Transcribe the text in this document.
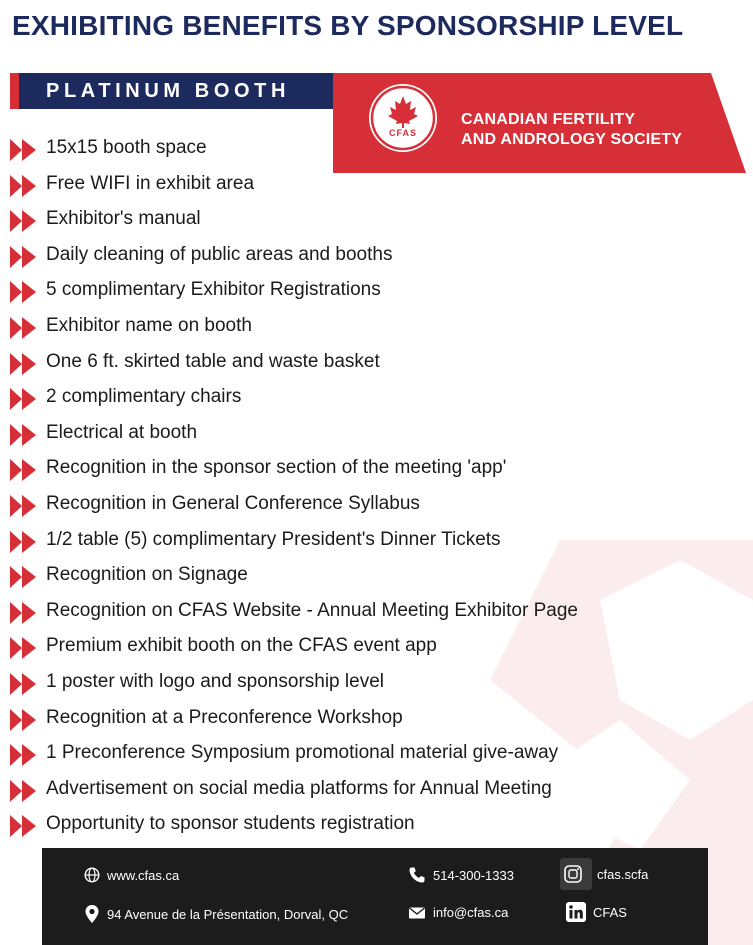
EXHIBITING BENEFITS BY SPONSORSHIP LEVEL
PLATINUM BOOTH
CFAS
CANADIAN FERTILITY
AND ANDROLOGY SOCIETY
15x15 booth space
Free WIFI in exhibit area
Exhibitor's manual
Daily cleaning of public areas and booths
5 complimentary Exhibitor Registrations
Exhibitor name on booth
One 6 ft. skirted table and waste basket
2 complimentary chairs
Electrical at booth
Recognition in the sponsor section of the meeting 'app'
Recognition in General Conference Syllabus
1/2 table (5) complimentary President's Dinner Tickets
Recognition on Signage
Recognition on CFAS Website - Annual Meeting Exhibitor Page
Premium exhibit booth on the CFAS event app
1 poster with logo and sponsorship level
Recognition at a Preconference Workshop
1 Preconference Symposium promotional material give-away
Advertisement on social media platforms for Annual Meeting
Opportunity to sponsor students registration
www.cfas.ca
94 Avenue de la Présentation, Dorval, QC
514-300-1333
info@cfas.ca
cfas.scfa
CFAS
